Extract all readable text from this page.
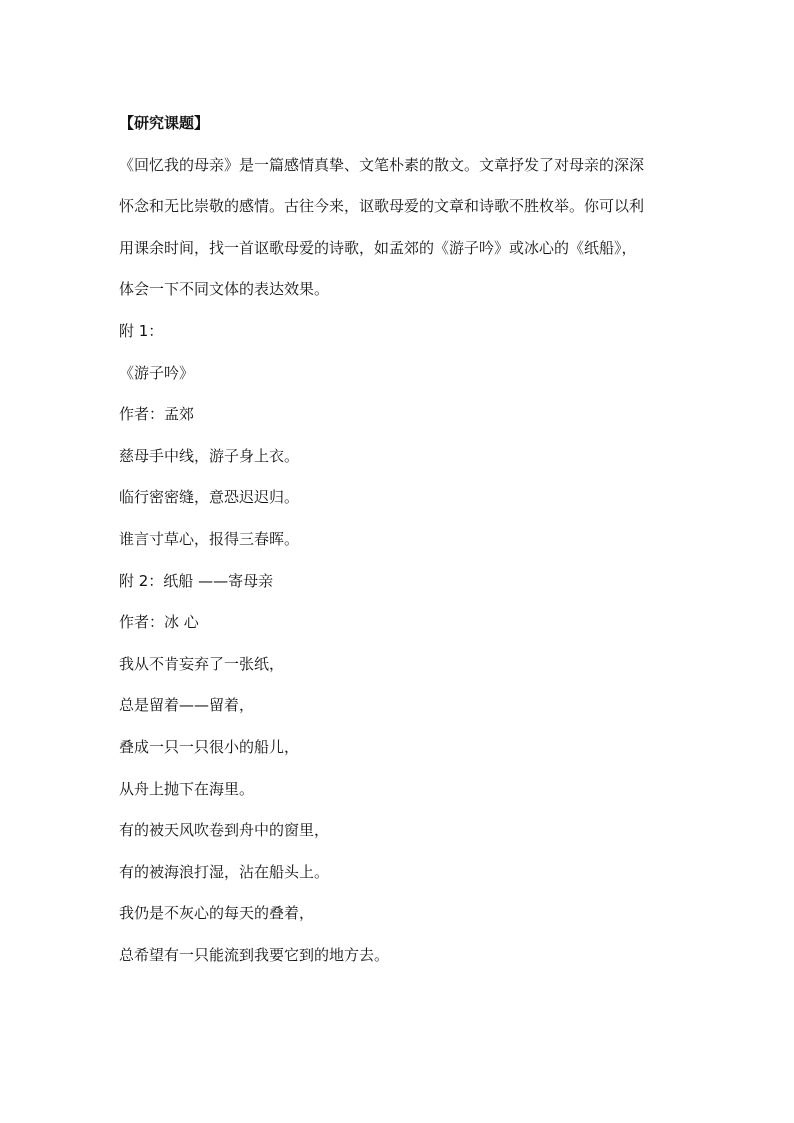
【研究课题】

《回忆我的母亲》是一篇感情真挚、文笔朴素的散文。文章抒发了对母亲的深深

怀念和无比崇敬的感情。古往今来，讴歌母爱的文章和诗歌不胜枚举。你可以利

用课余时间，找一首讴歌母爱的诗歌，如孟郊的《游子吟》或冰心的《纸船》，

体会一下不同文体的表达效果。

附 1：

《游子吟》

作者：孟郊

慈母手中线，游子身上衣。

临行密密缝，意恐迟迟归。

谁言寸草心，报得三春晖。

附 2：纸船 ——寄母亲

作者：冰 心

我从不肯妄弃了一张纸，

总是留着——留着，

叠成一只一只很小的船儿，

从舟上抛下在海里。

有的被天风吹卷到舟中的窗里，

有的被海浪打湿，沾在船头上。

我仍是不灰心的每天的叠着，

总希望有一只能流到我要它到的地方去。
